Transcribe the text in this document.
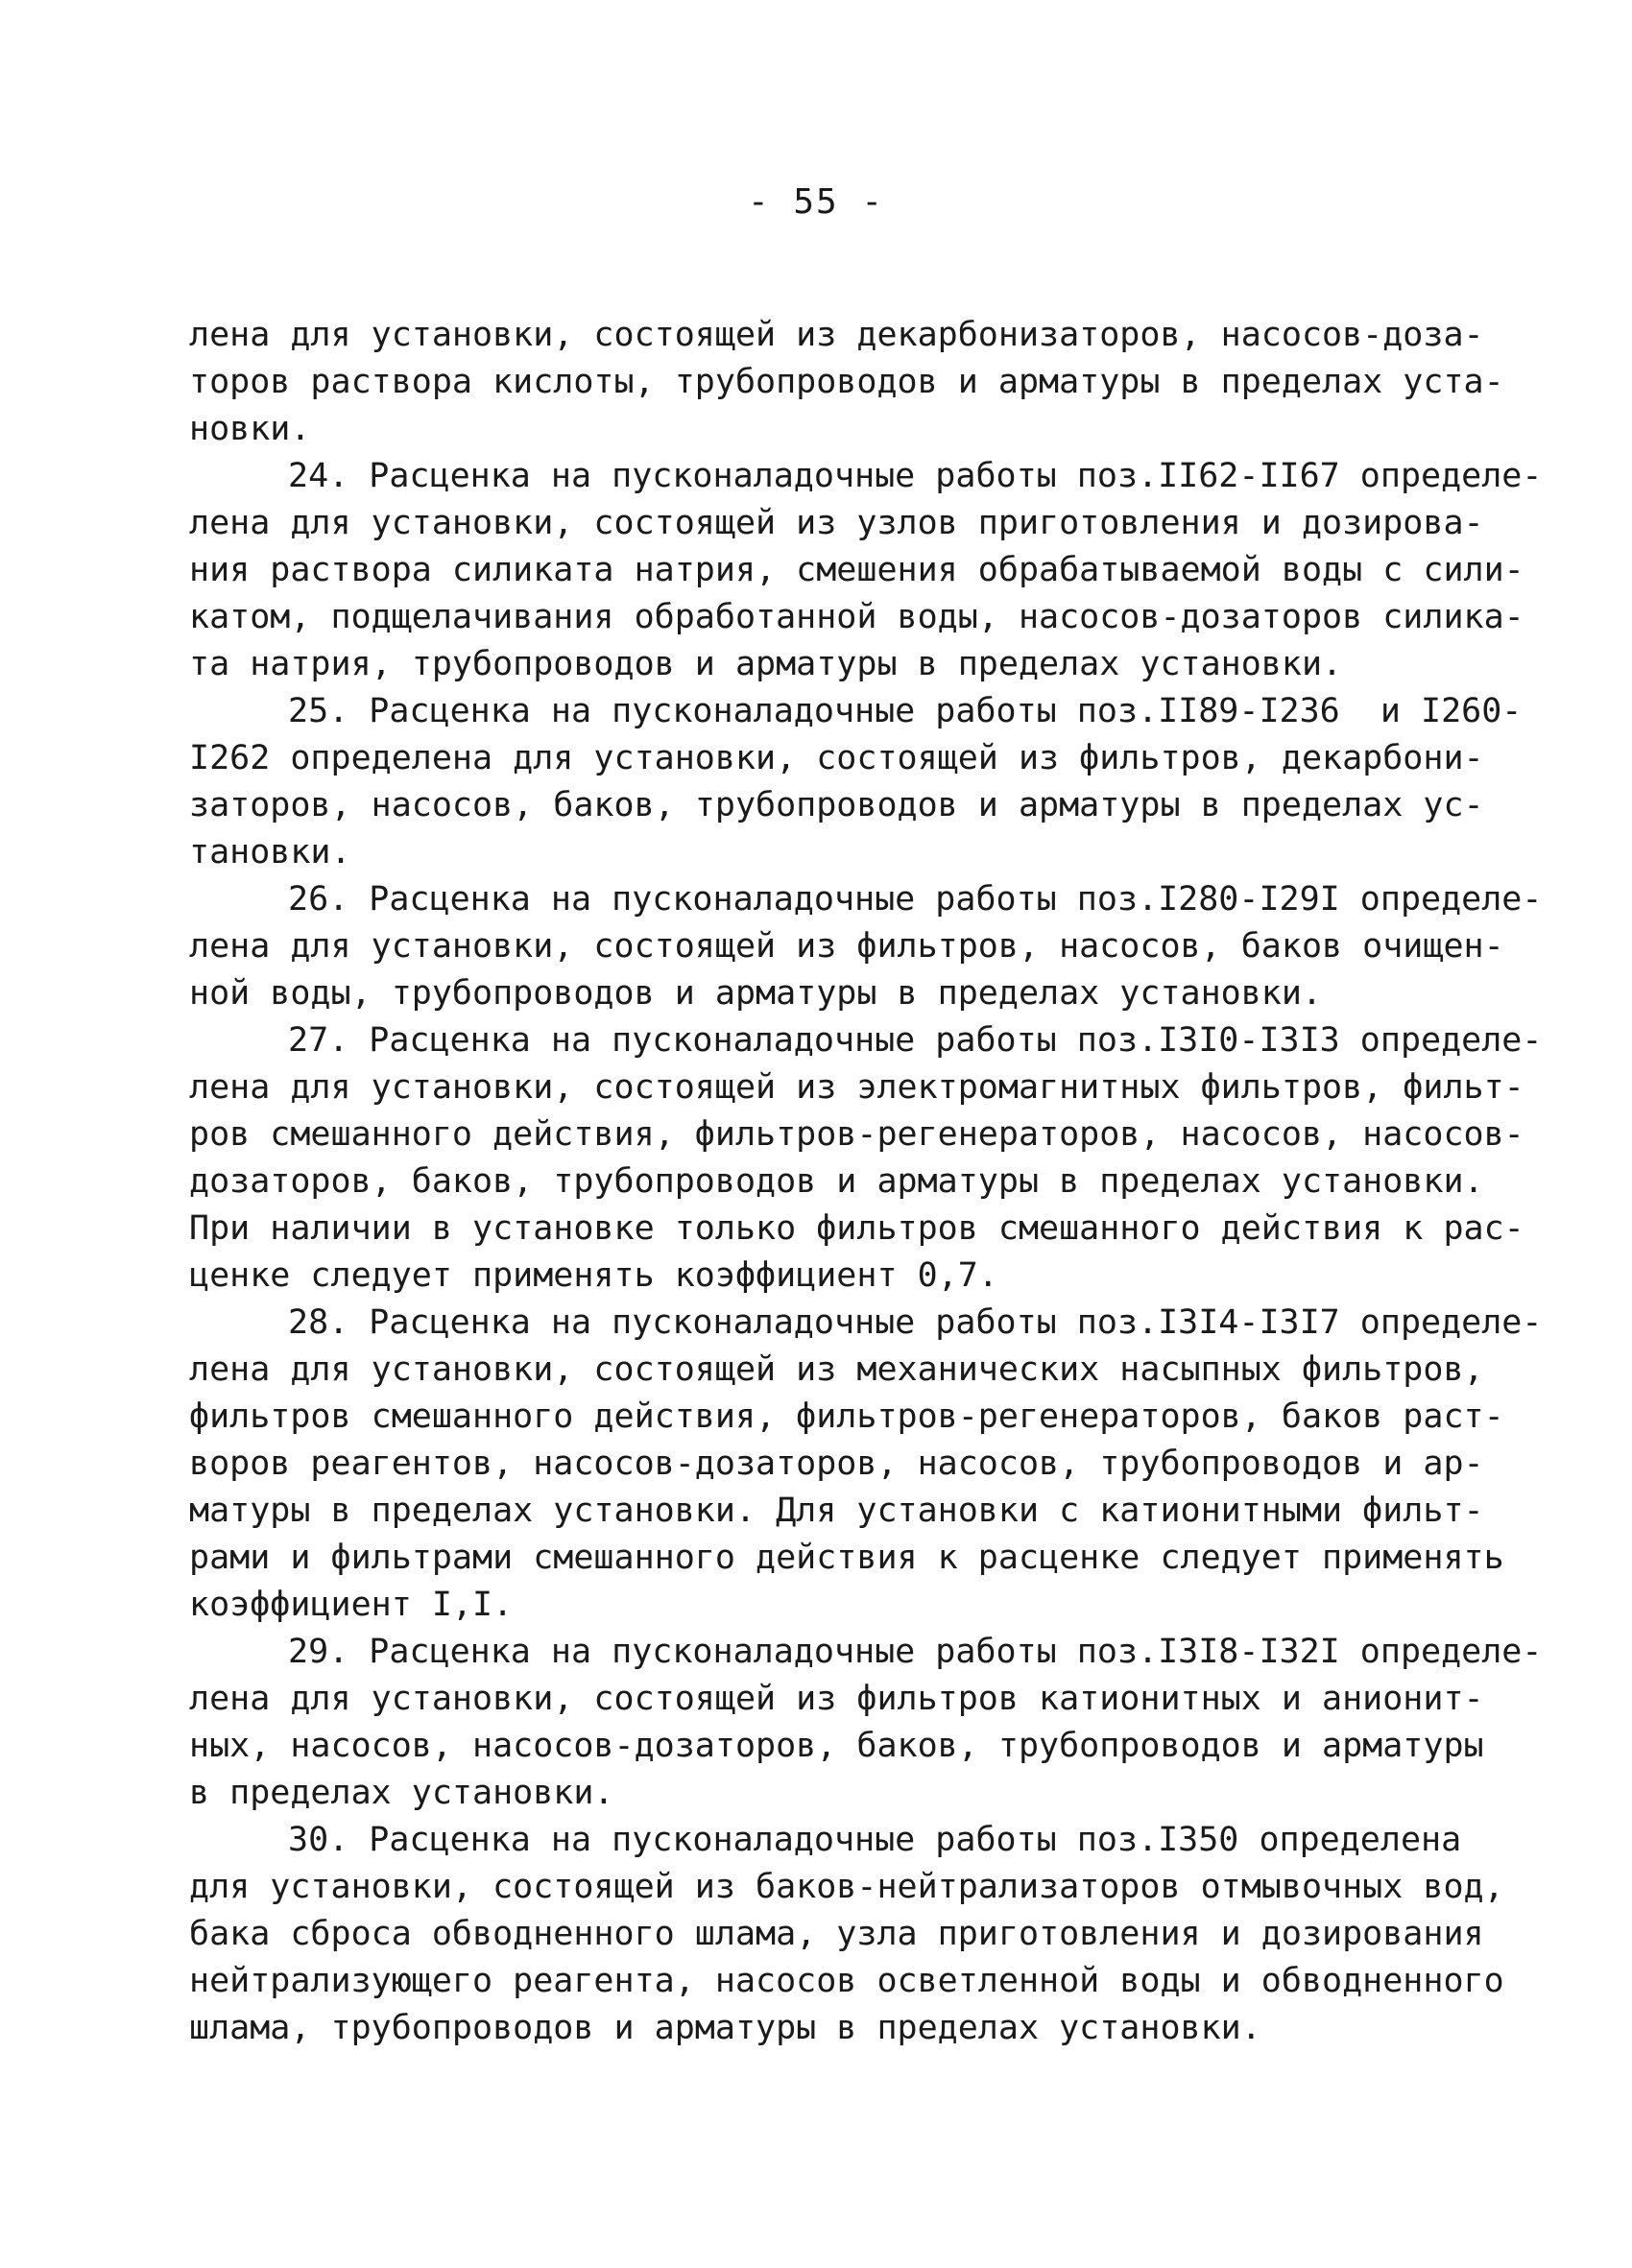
- 55 -
лена для установки, состоящей из декарбонизаторов, насосов-доза-
торов раствора кислоты, трубопроводов и арматуры в пределах уста-
новки.
24. Расценка на пусконаладочные работы поз.II62-II67 определе-
лена для установки, состоящей из узлов приготовления и дозирова-
ния раствора силиката натрия, смешения обрабатываемой воды с сили-
катом, подщелачивания обработанной воды, насосов-дозаторов силика-
та натрия, трубопроводов и арматуры в пределах установки.
25. Расценка на пусконаладочные работы поз.II89-I236  и I260-
I262 определена для установки, состоящей из фильтров, декарбони-
заторов, насосов, баков, трубопроводов и арматуры в пределах ус-
тановки.
26. Расценка на пусконаладочные работы поз.I280-I29I определе-
лена для установки, состоящей из фильтров, насосов, баков очищен-
ной воды, трубопроводов и арматуры в пределах установки.
27. Расценка на пусконаладочные работы поз.I3I0-I3I3 определе-
лена для установки, состоящей из электромагнитных фильтров, фильт-
ров смешанного действия, фильтров-регенераторов, насосов, насосов-
дозаторов, баков, трубопроводов и арматуры в пределах установки.
При наличии в установке только фильтров смешанного действия к рас-
ценке следует применять коэффициент 0,7.
28. Расценка на пусконаладочные работы поз.I3I4-I3I7 определе-
лена для установки, состоящей из механических насыпных фильтров,
фильтров смешанного действия, фильтров-регенераторов, баков раст-
воров реагентов, насосов-дозаторов, насосов, трубопроводов и ар-
матуры в пределах установки. Для установки с катионитными фильт-
рами и фильтрами смешанного действия к расценке следует применять
коэффициент I,I.
29. Расценка на пусконаладочные работы поз.I3I8-I32I определе-
лена для установки, состоящей из фильтров катионитных и анионит-
ных, насосов, насосов-дозаторов, баков, трубопроводов и арматуры
в пределах установки.
30. Расценка на пусконаладочные работы поз.I350 определена
для установки, состоящей из баков-нейтрализаторов отмывочных вод,
бака сброса обводненного шлама, узла приготовления и дозирования
нейтрализующего реагента, насосов осветленной воды и обводненного
шлама, трубопроводов и арматуры в пределах установки.
